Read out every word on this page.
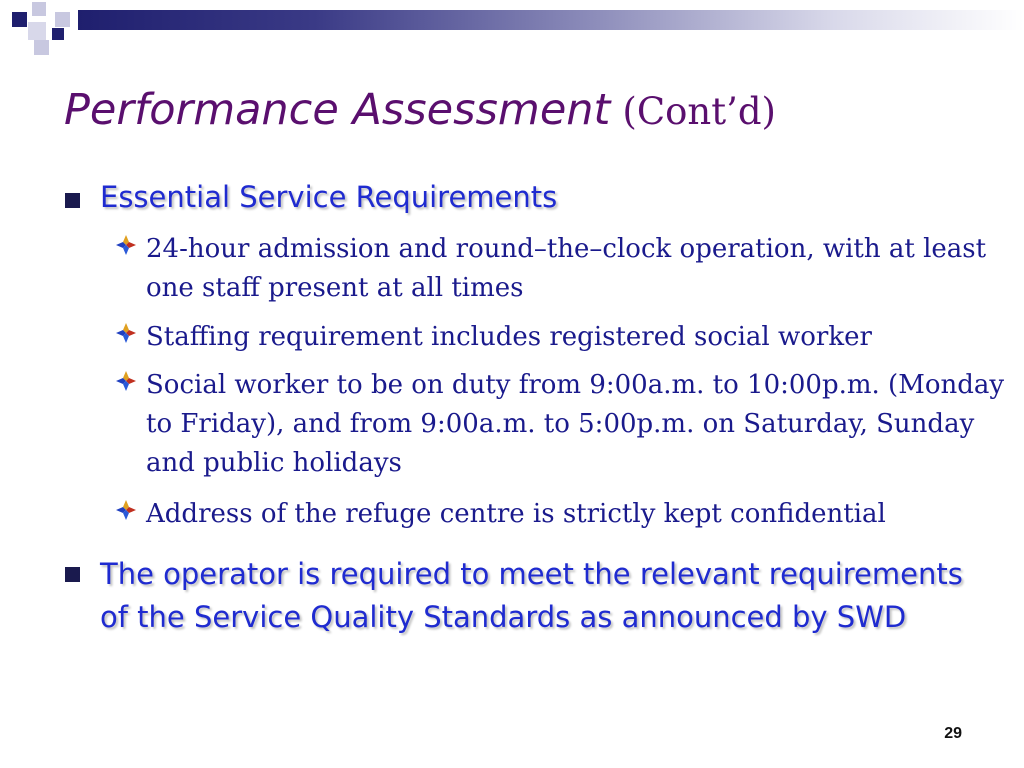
Performance Assessment (Cont’d)
Essential Service Requirements
24-hour admission and round–the–clock operation, with at least one staff present at all times
Staffing requirement includes registered social worker
Social worker to be on duty from 9:00a.m. to 10:00p.m. (Monday to Friday), and from 9:00a.m. to 5:00p.m. on Saturday, Sunday and public holidays
Address of the refuge centre is strictly kept confidential
The operator is required to meet the relevant requirements of the Service Quality Standards as announced by SWD
29
